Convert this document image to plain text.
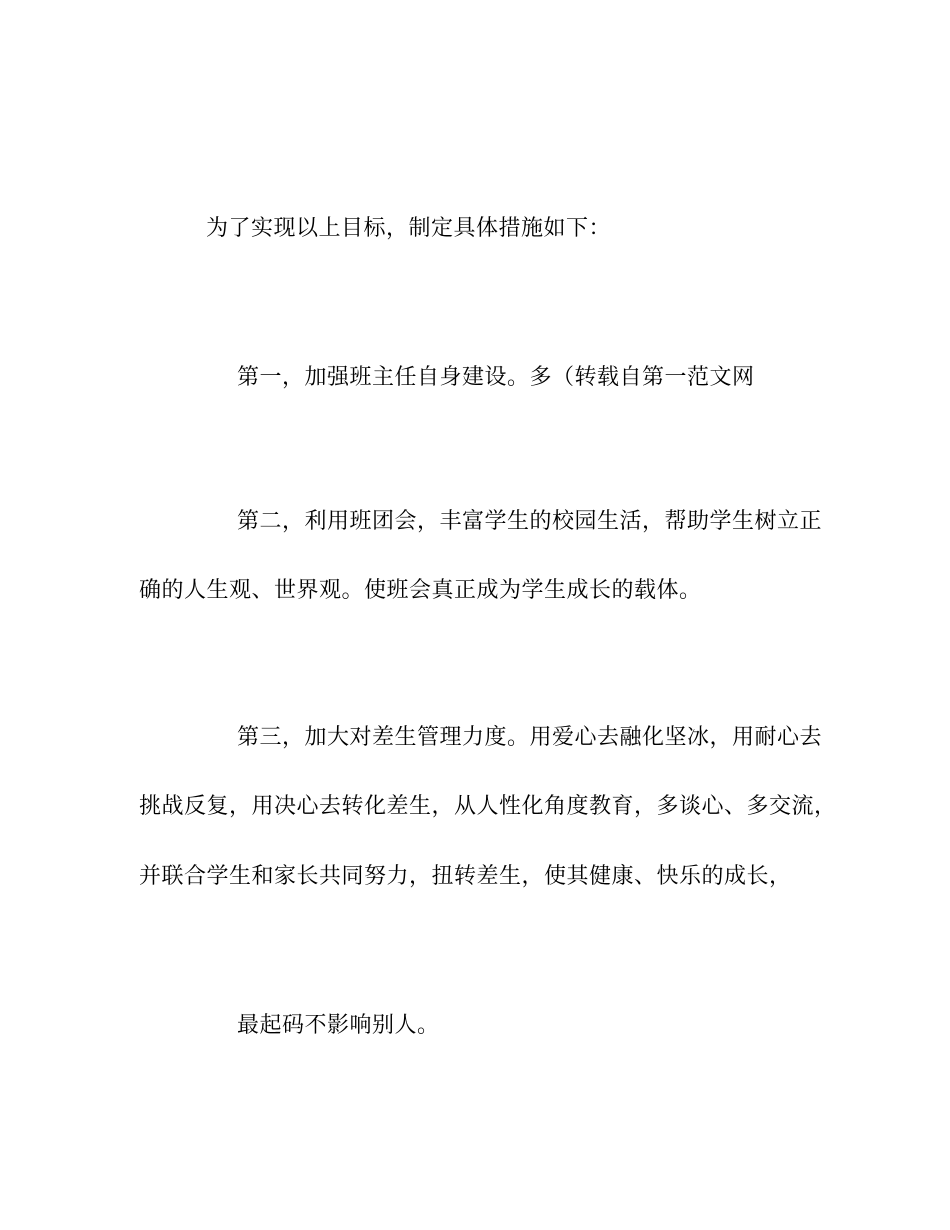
为了实现以上目标，制定具体措施如下：
第一，加强班主任自身建设。多（转载自第一范文网
第二，利用班团会，丰富学生的校园生活，帮助学生树立正
确的人生观、世界观。使班会真正成为学生成长的载体。
第三，加大对差生管理力度。用爱心去融化坚冰，用耐心去
挑战反复，用决心去转化差生，从人性化角度教育，多谈心、多交流，
并联合学生和家长共同努力，扭转差生，使其健康、快乐的成长，
最起码不影响别人。
